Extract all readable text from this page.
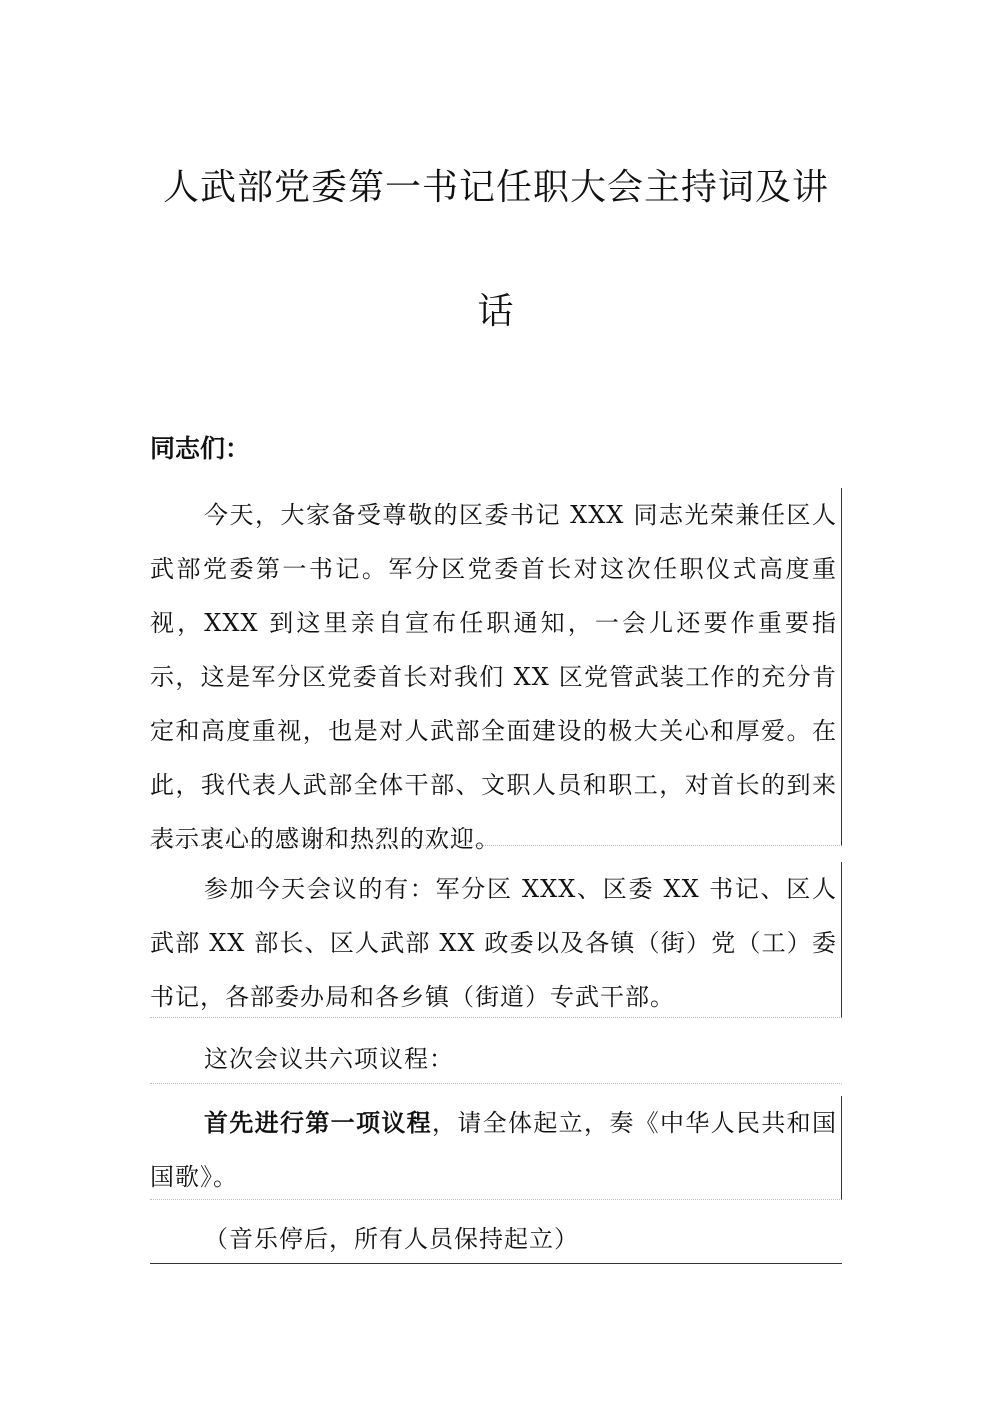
人武部党委第一书记任职大会主持词及讲
话

同志们：

今天，大家备受尊敬的区委书记 XXX 同志光荣兼任区人武部党委第一书记。军分区党委首长对这次任职仪式高度重视，XXX 到这里亲自宣布任职通知，一会儿还要作重要指示，这是军分区党委首长对我们 XX 区党管武装工作的充分肯定和高度重视，也是对人武部全面建设的极大关心和厚爱。在此，我代表人武部全体干部、文职人员和职工，对首长的到来表示衷心的感谢和热烈的欢迎。

参加今天会议的有：军分区 XXX、区委 XX 书记、区人武部 XX 部长、区人武部 XX 政委以及各镇（街）党（工）委书记，各部委办局和各乡镇（街道）专武干部。

这次会议共六项议程：

首先进行第一项议程，请全体起立，奏《中华人民共和国国歌》。

（音乐停后，所有人员保持起立）
